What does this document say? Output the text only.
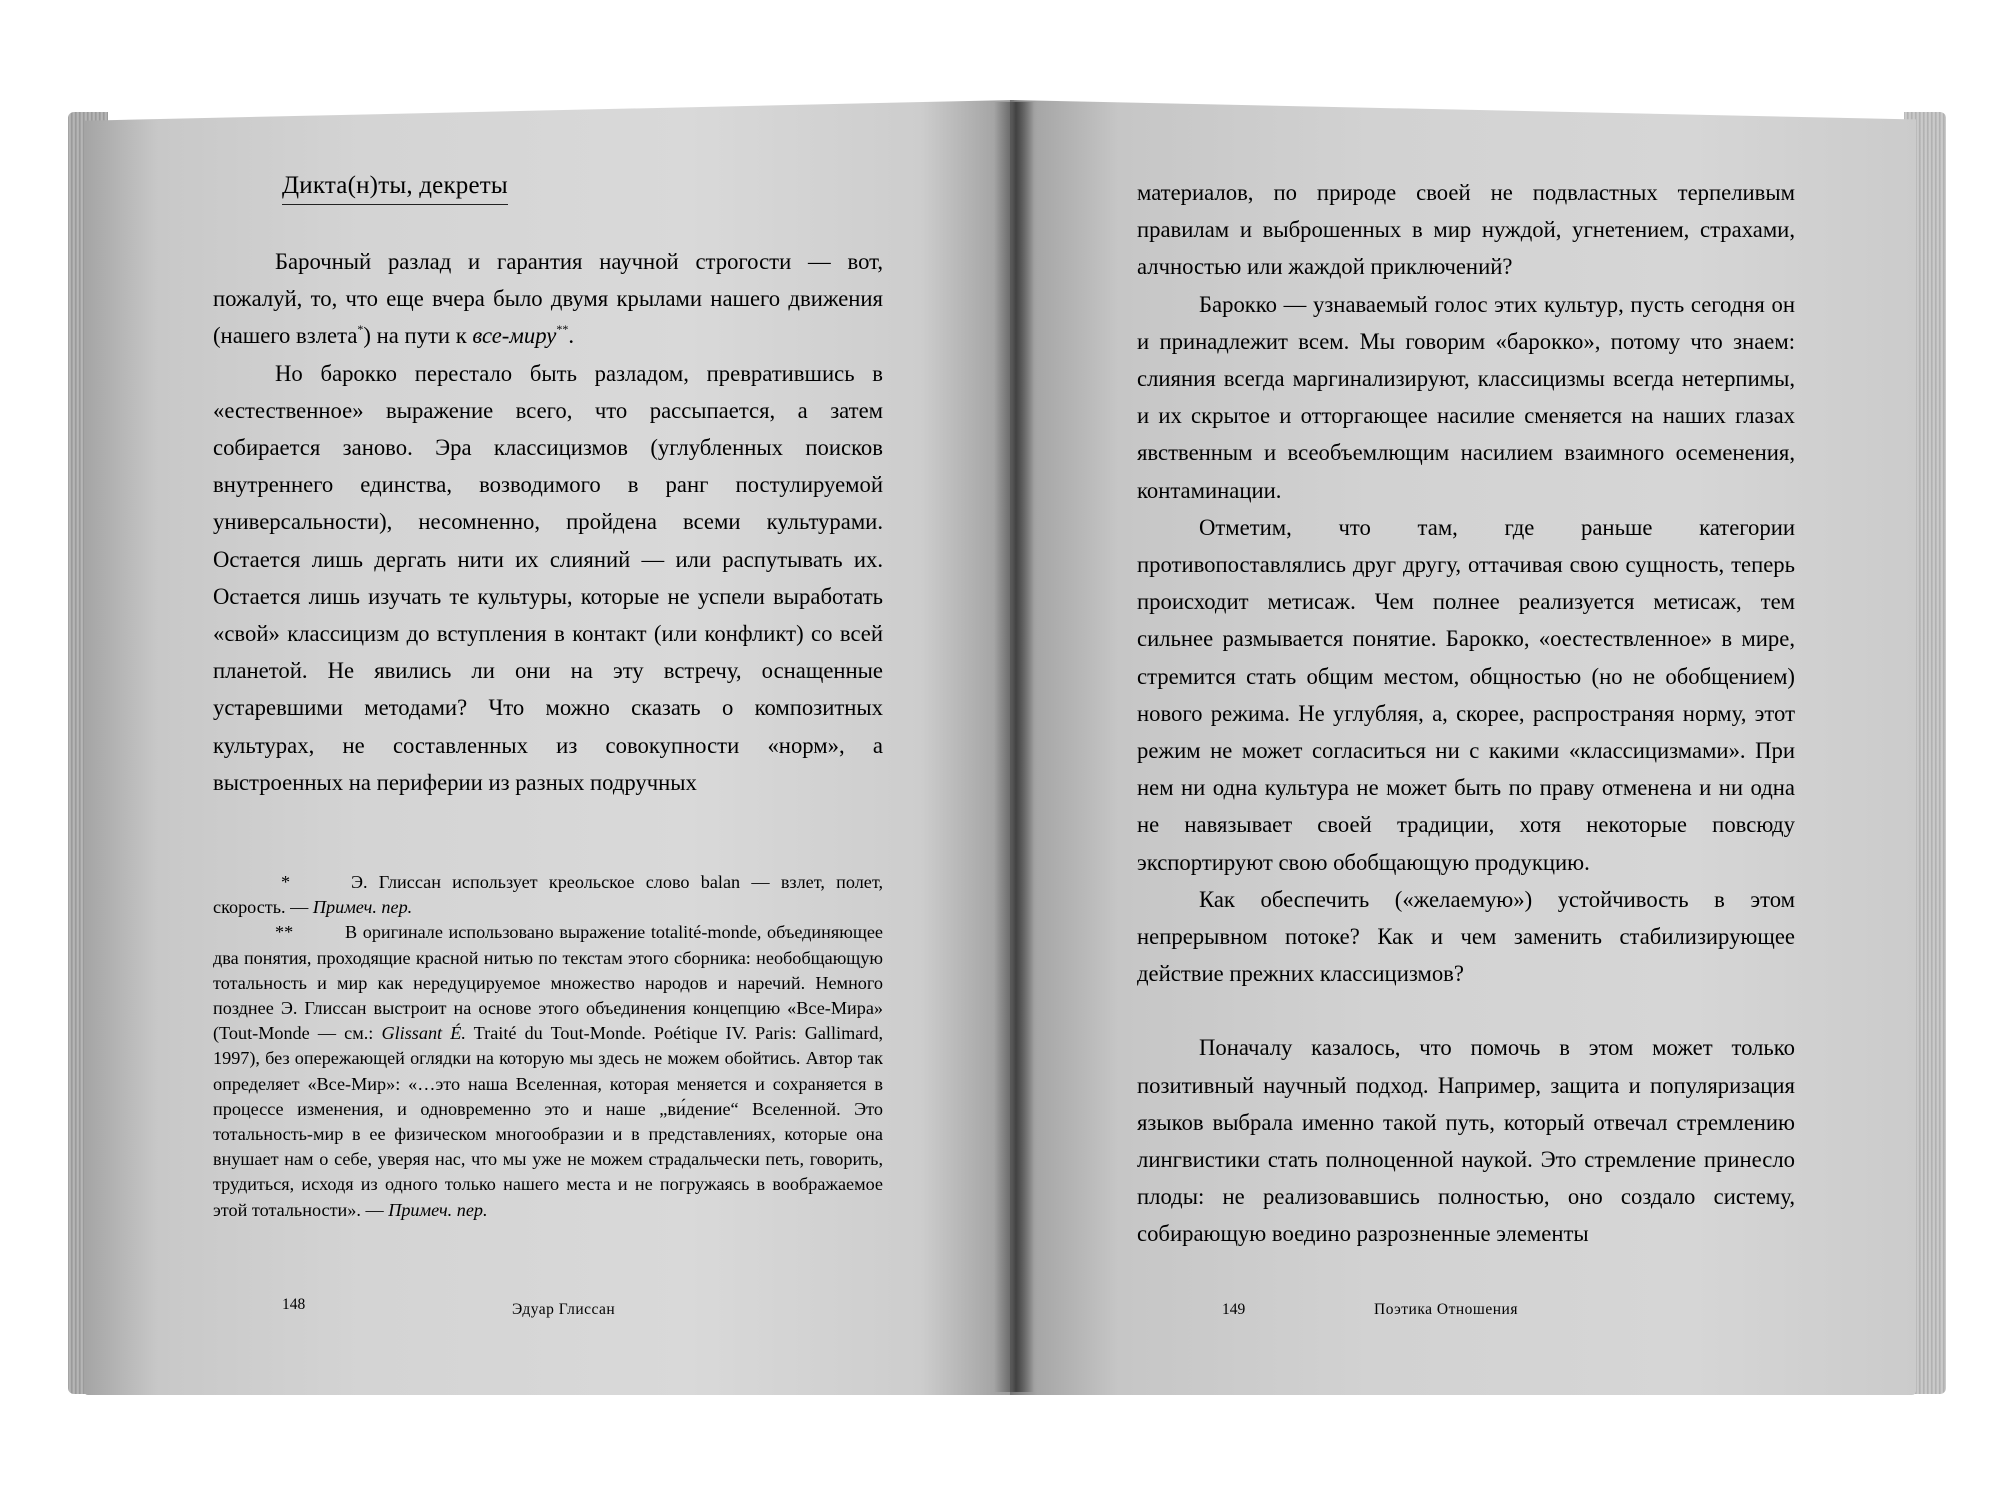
Дикта(н)ты, декреты

Барочный разлад и гарантия научной строгости — вот, пожалуй, то, что еще вчера было двумя крылами нашего движения (нашего взлета*) на пути к все-миру**.

Но барокко перестало быть разладом, превратившись в «естественное» выражение всего, что рассыпается, а затем собирается заново. Эра классицизмов (углубленных поисков внутреннего единства, возводимого в ранг постулируемой универсальности), несомненно, пройдена всеми культурами. Остается лишь дергать нити их слияний — или распутывать их. Остается лишь изучать те культуры, которые не успели выработать «свой» классицизм до вступления в контакт (или конфликт) со всей планетой. Не явились ли они на эту встречу, оснащенные устаревшими методами? Что можно сказать о композитных культурах, не составленных из совокупности «норм», а выстроенных на периферии из разных подручных

*	Э. Глиссан использует креольское слово balan — взлет, полет, скорость. — Примеч. пер.

**	В оригинале использовано выражение totalité-monde, объединяющее два понятия, проходящие красной нитью по текстам этого сборника: необобщающую тотальность и мир как нередуцируемое множество народов и наречий. Немного позднее Э. Глиссан выстроит на основе этого объединения концепцию «Все-Мира» (Tout-Monde — см.: Glissant É. Traité du Tout-Monde. Poétique IV. Paris: Gallimard, 1997), без опережающей оглядки на которую мы здесь не можем обойтись. Автор так определяет «Все-Мир»: «…это наша Вселенная, которая меняется и сохраняется в процессе изменения, и одновременно это и наше „ви́дение“ Вселенной. Это тотальность-мир в ее физическом многообразии и в представлениях, которые она внушает нам о себе, уверяя нас, что мы уже не можем страдальчески петь, говорить, трудиться, исходя из одного только нашего места и не погружаясь в воображаемое этой тотальности». — Примеч. пер.

148	Эдуар Глиссан

материалов, по природе своей не подвластных терпеливым правилам и выброшенных в мир нуждой, угнетением, страхами, алчностью или жаждой приключений?

Барокко — узнаваемый голос этих культур, пусть сегодня он и принадлежит всем. Мы говорим «барокко», потому что знаем: слияния всегда маргинализируют, классицизмы всегда нетерпимы, и их скрытое и отторгающее насилие сменяется на наших глазах явственным и всеобъемлющим насилием взаимного осеменения, контаминации.

Отметим, что там, где раньше категории противопоставлялись друг другу, оттачивая свою сущность, теперь происходит метисаж. Чем полнее реализуется метисаж, тем сильнее размывается понятие. Барокко, «оестествленное» в мире, стремится стать общим местом, общностью (но не обобщением) нового режима. Не углубляя, а, скорее, распространяя норму, этот режим не может согласиться ни с какими «классицизмами». При нем ни одна культура не может быть по праву отменена и ни одна не навязывает своей традиции, хотя некоторые повсюду экспортируют свою обобщающую продукцию.

Как обеспечить («желаемую») устойчивость в этом непрерывном потоке? Как и чем заменить стабилизирующее действие прежних классицизмов?

Поначалу казалось, что помочь в этом может только позитивный научный подход. Например, защита и популяризация языков выбрала именно такой путь, который отвечал стремлению лингвистики стать полноценной наукой. Это стремление принесло плоды: не реализовавшись полностью, оно создало систему, собирающую воедино разрозненные элементы

149	Поэтика Отношения
